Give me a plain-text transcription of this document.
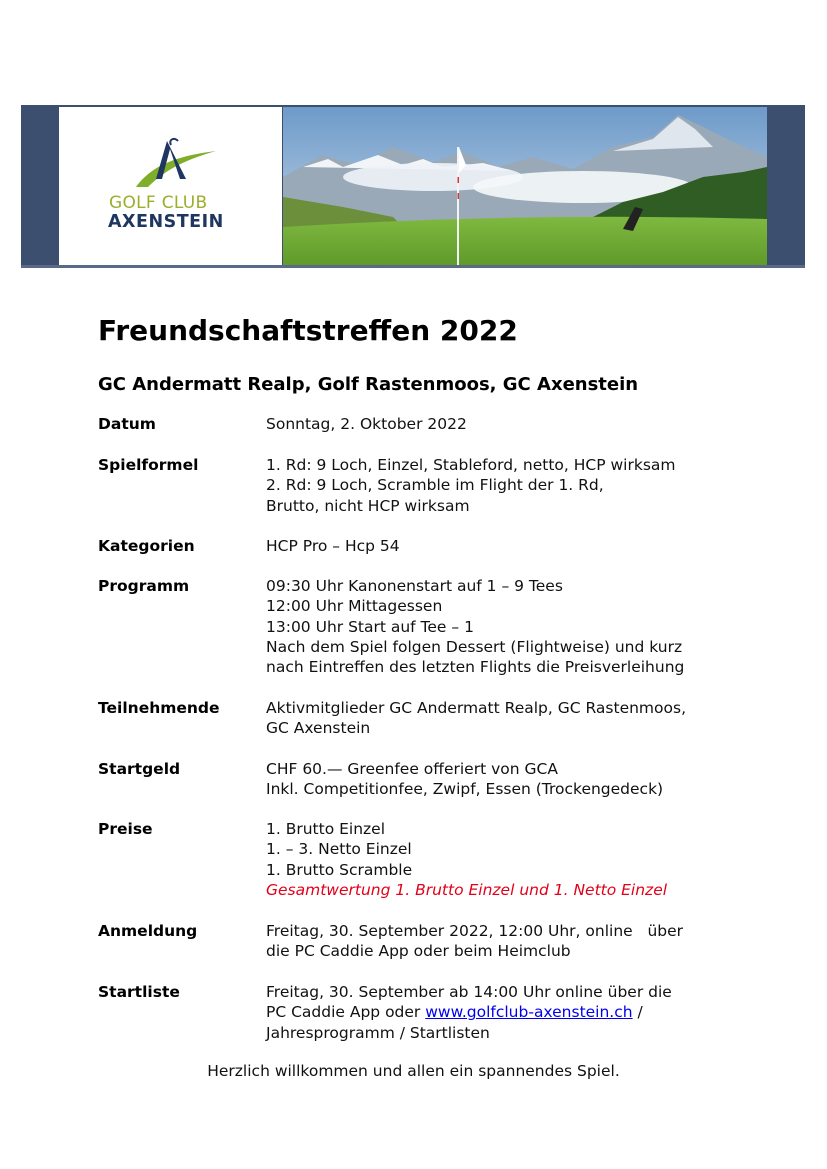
GOLF CLUB
AXENSTEIN
Freundschaftstreffen 2022
GC Andermatt Realp, Golf Rastenmoos, GC Axenstein
Datum	Sonntag, 2. Oktober 2022
Spielformel	1. Rd: 9 Loch, Einzel, Stableford, netto, HCP wirksam
2. Rd: 9 Loch, Scramble im Flight der 1. Rd,
Brutto, nicht HCP wirksam
Kategorien	HCP Pro – Hcp 54
Programm	09:30 Uhr Kanonenstart auf 1 – 9 Tees
12:00 Uhr Mittagessen
13:00 Uhr Start auf Tee – 1
Nach dem Spiel folgen Dessert (Flightweise) und kurz
nach Eintreffen des letzten Flights die Preisverleihung
Teilnehmende	Aktivmitglieder GC Andermatt Realp, GC Rastenmoos,
GC Axenstein
Startgeld	CHF 60.— Greenfee offeriert von GCA
Inkl. Competitionfee, Zwipf, Essen (Trockengedeck)
Preise	1. Brutto Einzel
1. – 3. Netto Einzel
1. Brutto Scramble
Gesamtwertung 1. Brutto Einzel und 1. Netto Einzel
Anmeldung	Freitag, 30. September 2022, 12:00 Uhr, online   über
die PC Caddie App oder beim Heimclub
Startliste	Freitag, 30. September ab 14:00 Uhr online über die
PC Caddie App oder www.golfclub-axenstein.ch /
Jahresprogramm / Startlisten
Herzlich willkommen und allen ein spannendes Spiel.
